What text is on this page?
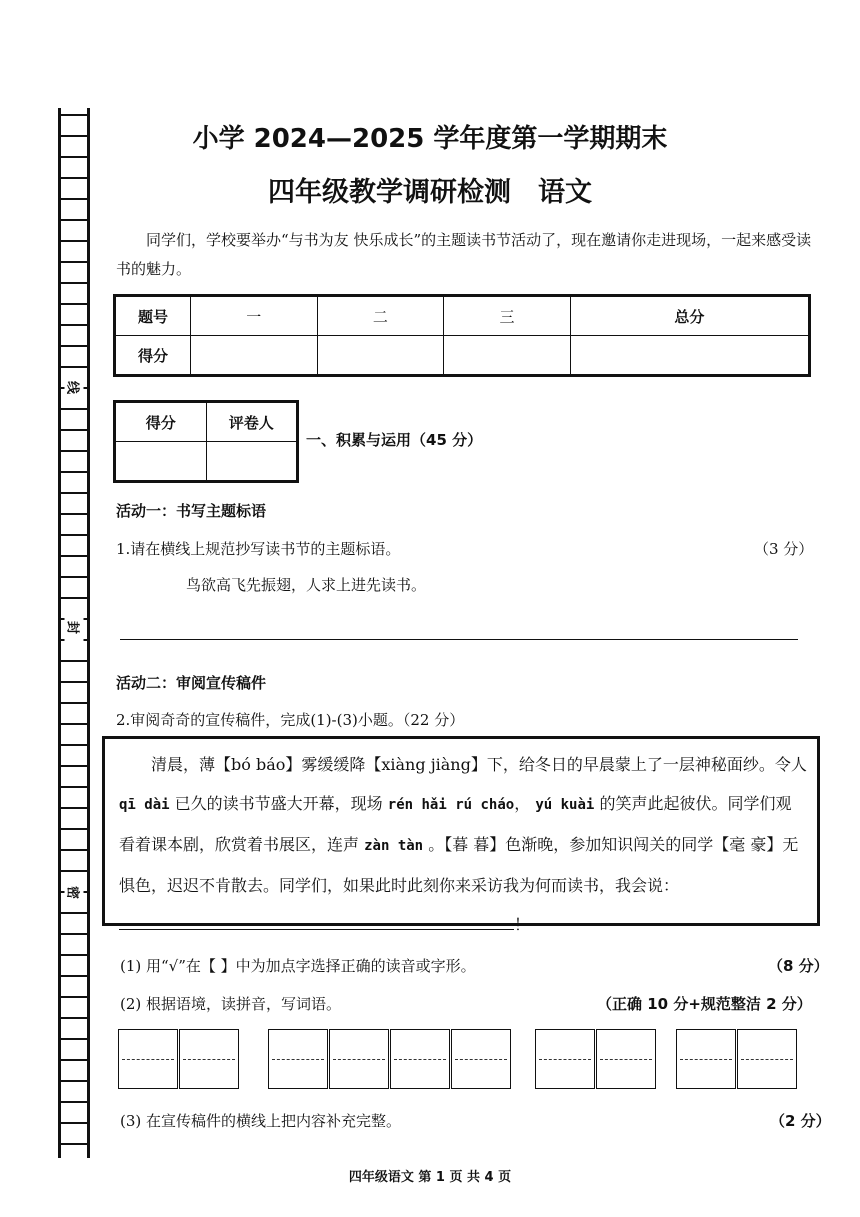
线
封
密
小学 2024—2025 学年度第一学期期末
四年级教学调研检测　语文
同学们，学校要举办“与书为友 快乐成长”的主题读书节活动了，现在邀请你走进现场，一起来感受读书的魅力。
题号	一	二	三	总分
得分				
得分	评卷人

一、积累与运用（45 分）
活动一：书写主题标语
1.请在横线上规范抄写读书节的主题标语。	（3 分）
鸟欲高飞先振翅，人求上进先读书。
活动二：审阅宣传稿件
2.审阅奇奇的宣传稿件，完成(1)-(3)小题。（22 分）
清晨，薄【bó báo】雾缓缓降【xiàng jiàng】下，给冬日的早晨蒙上了一层神秘面纱。令人 qī dài 已久的读书节盛大开幕，现场 rén hǎi rú cháo， yú kuài 的笑声此起彼伏。同学们观看着课本剧，欣赏着书展区，连声 zàn tàn 。【暮 暮】色渐晚，参加知识闯关的同学【毫 豪】无惧色，迟迟不肯散去。同学们，如果此时此刻你来采访我为何而读书，我会说：
！
(1) 用“√”在【 】中为加点字选择正确的读音或字形。	（8 分）
(2) 根据语境，读拼音，写词语。	（正确 10 分+规范整洁 2 分）
(3) 在宣传稿件的横线上把内容补充完整。	（2 分）
四年级语文 第 1 页 共 4 页
